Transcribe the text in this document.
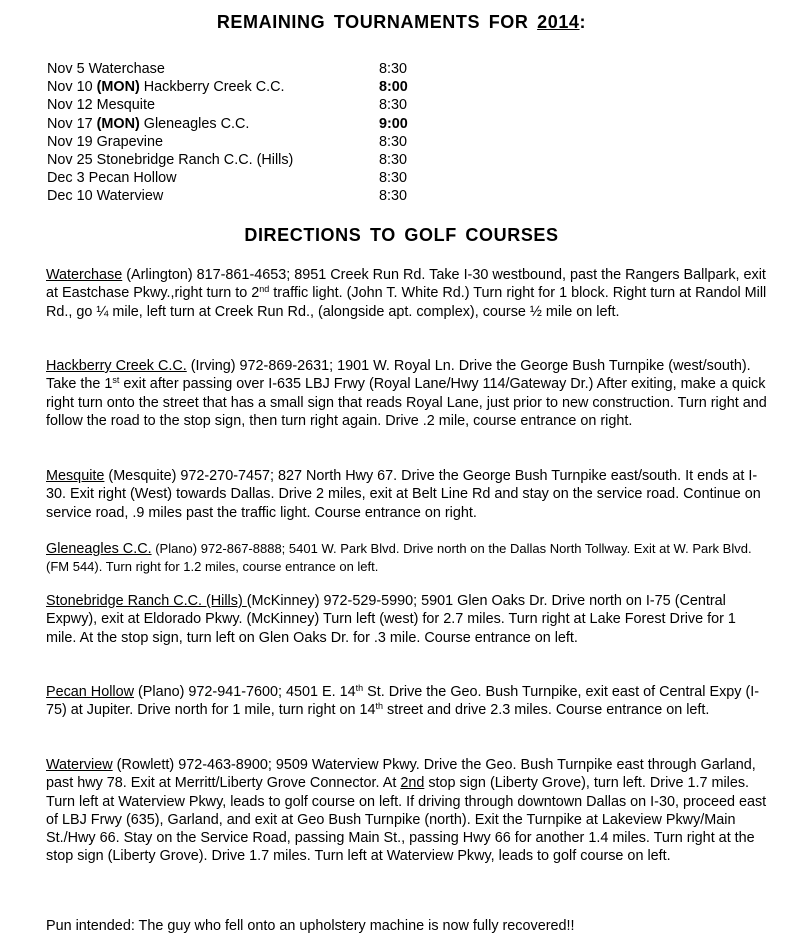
REMAINING TOURNAMENTS FOR 2014:
Nov 5 Waterchase	8:30
Nov 10 (MON) Hackberry Creek C.C.	8:00
Nov 12 Mesquite	8:30
Nov 17 (MON) Gleneagles C.C.	9:00
Nov 19 Grapevine	8:30
Nov 25 Stonebridge Ranch C.C. (Hills)	8:30
Dec 3 Pecan Hollow	8:30
Dec 10 Waterview	8:30
DIRECTIONS TO GOLF COURSES
Waterchase (Arlington) 817-861-4653; 8951 Creek Run Rd. Take I-30 westbound, past the Rangers Ballpark, exit at Eastchase Pkwy.,right turn to 2nd traffic light. (John T. White Rd.) Turn right for 1 block. Right turn at Randol Mill Rd., go ¼ mile, left turn at Creek Run Rd., (alongside apt. complex), course ½ mile on left.
Hackberry Creek C.C. (Irving) 972-869-2631; 1901 W. Royal Ln. Drive the George Bush Turnpike (west/south). Take the 1st exit after passing over I-635 LBJ Frwy (Royal Lane/Hwy 114/Gateway Dr.) After exiting, make a quick right turn onto the street that has a small sign that reads Royal Lane, just prior to new construction. Turn right and follow the road to the stop sign, then turn right again. Drive .2 mile, course entrance on right.
Mesquite (Mesquite) 972-270-7457; 827 North Hwy 67. Drive the George Bush Turnpike east/south. It ends at I-30. Exit right (West) towards Dallas. Drive 2 miles, exit at Belt Line Rd and stay on the service road. Continue on service road, .9 miles past the traffic light. Course entrance on right.
Gleneagles C.C. (Plano) 972-867-8888; 5401 W. Park Blvd. Drive north on the Dallas North Tollway. Exit at W. Park Blvd. (FM 544). Turn right for 1.2 miles, course entrance on left.
Stonebridge Ranch C.C. (Hills) (McKinney) 972-529-5990; 5901 Glen Oaks Dr. Drive north on I-75 (Central Expwy), exit at Eldorado Pkwy. (McKinney) Turn left (west) for 2.7 miles. Turn right at Lake Forest Drive for 1 mile. At the stop sign, turn left on Glen Oaks Dr. for .3 mile. Course entrance on left.
Pecan Hollow (Plano) 972-941-7600; 4501 E. 14th St. Drive the Geo. Bush Turnpike, exit east of Central Expy (I-75) at Jupiter. Drive north for 1 mile, turn right on 14th street and drive 2.3 miles. Course entrance on left.
Waterview (Rowlett) 972-463-8900; 9509 Waterview Pkwy. Drive the Geo. Bush Turnpike east through Garland, past hwy 78. Exit at Merritt/Liberty Grove Connector. At 2nd stop sign (Liberty Grove), turn left. Drive 1.7 miles. Turn left at Waterview Pkwy, leads to golf course on left. If driving through downtown Dallas on I-30, proceed east of LBJ Frwy (635), Garland, and exit at Geo Bush Turnpike (north). Exit the Turnpike at Lakeview Pkwy/Main St./Hwy 66. Stay on the Service Road, passing Main St., passing Hwy 66 for another 1.4 miles. Turn right at the stop sign (Liberty Grove). Drive 1.7 miles. Turn left at Waterview Pkwy, leads to golf course on left.
Pun intended: The guy who fell onto an upholstery machine is now fully recovered!!
